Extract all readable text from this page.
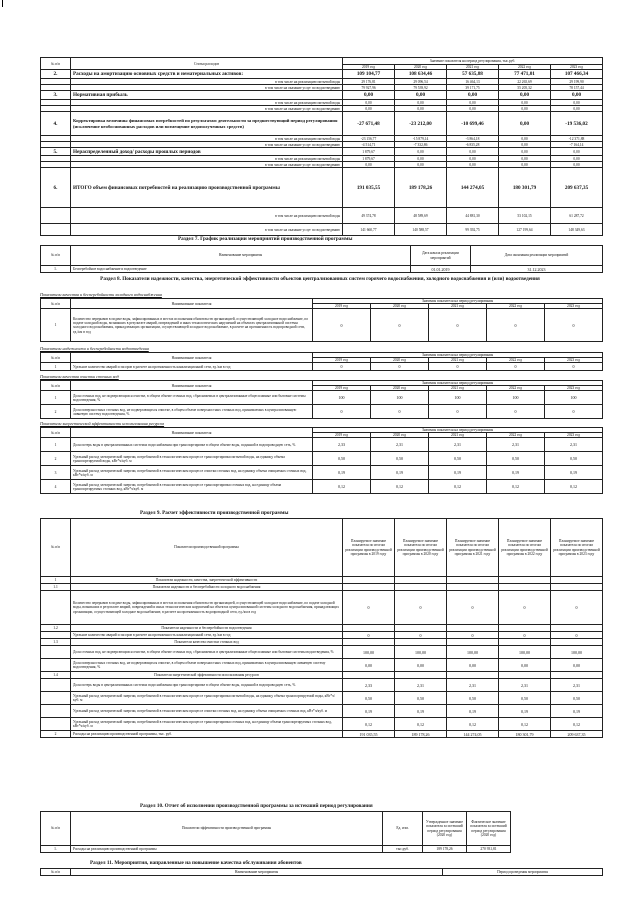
№ п/п	Статьи расходов	Значение показателя на период регулирования, тыс.руб.				
		2019 год	2020 год	2021 год	2022 год	2023 год
2.	Расходы на амортизацию основных средств и нематериальных активов:	109 104,77	108 634,46	57 635,88	77 471,01	107 466,34
	в том числе на реализацию питьевой воды	29 176,81	29 096,54	16 464,13	22 265,69	29 199,90
	в том числе на оказание услуг по водоотведению	79 927,96	79 539,92	39 171,75	55 205,32	78 157,44
3.	Нормативная прибыль	0,00	0,00	0,00	0,00	0,00
	в том числе на реализацию питьевой воды	0,00	0,00	0,00	0,00	0,00
	в том числе на оказание услуг по водоотведению	0,00	0,00	0,00	0,00	0,00
4.	Корректировка величины финансовых потребностей по результатам деятельности за предшествующий период регулирования (исключение необоснованных расходов или возмещение недополученных средств)	-27 671,48	-23 212,00	-10 699,46	0,00	-19 536,02
	в том числе на реализацию питьевой воды	-23 156,77	-15 879,14	-3 864,18	0,00	-12 371,88
	в том числе на оказание услуг по водоотведению	-4 514,71	-7 332,86	-6 835,28	0,00	-7 164,14
5.	Нераспределенный доход/ расходы прошлых периодов	1 879,67	0,00	0,00	0,00	0,00
	в том числе на реализацию питьевой воды	1 879,67	0,00	0,00	0,00	0,00
	в том числе на оказание услуг по водоотведению	0,00	0,00	0,00	0,00	0,00
6.	ИТОГО объем финансовых потребностей на реализацию производственной программы	191 035,55	189 178,26	144 274,05	180 301,79	209 637,35
	в том числе на реализацию питьевой воды	49 374,78	48 589,69	44 881,30	53 102,15	61 287,72
	в том числе на оказание услуг по водоотведению	141 660,77	140 588,57	99 392,75	127 199,64	148 349,63
Раздел 7. График реализации мероприятий производственной программы
№ п/п	Наименование мероприятия	Дата начала реализации мероприятий	Дата окончания реализации мероприятий
1.	Бесперебойное водоснабжение и водоотведение	01.01.2019	31.12.2023
Раздел 8. Показатели надежности, качества, энергетической эффективности объектов централизованных систем горячего водоснабжения, холодного водоснабжения и (или) водоотведения
Показатели качества и бесперебойности холодного водоснабжения
№ п/п	Наименование показателя	Значения показателя на период регулирования				
		2019 год	2020 год	2021 год	2022 год	2023 год
1	Количество перерывов в подаче воды, зафиксированных в местах исполнения обязательств организацией, осуществляющей холодное водоснабжение, по подаче холодной воды, возникших в результате аварий, повреждений и иных технологических нарушений на объектах централизованной системы холодного водоснабжения, принадлежащих организации, осуществляющей холодное водоснабжение, в расчете на протяженность водопроводной сети, ед./км в год	0	0	0	0	0
Показатели надежности и бесперебойности водоотведения
№ п/п	Наименование показателя	Значения показателя на период регулирования				
		2019 год	2020 год	2021 год	2022 год	2023 год
1	Удельное количество аварий и засоров в расчете на протяженность канализационной сети, ед./км в год	0	0	0	0	0
Показатели качества очистки сточных вод
№ п/п	Наименование показателя	Значения показателя на период регулирования				
		2019 год	2020 год	2021 год	2022 год	2023 год
1	Доля сточных вод, не подвергающихся очистке, в общем объеме сточных вод, сбрасываемых в централизованные общесплавные или бытовые системы водоотведения, %	100	100	100	100	100
2	Доля поверхностных сточных вод, не подвергающихся очистке, в общем объеме поверхностных сточных вод, принимаемых в централизованную ливневую систему водоотведения, %	0	0	0	0	0
Показатели энергетической эффективности использования ресурсов
№ п/п	Наименование показателя	Значения показателя на период регулирования				
		2019 год	2020 год	2021 год	2022 год	2023 год
1	Доля потерь воды в централизованных системах водоснабжения при транспортировке в общем объеме воды, поданной в водопроводную сеть, %	2,33	2,31	2,31	2,31	2,31
2	Удельный расход электрической энергии, потребляемой в технологическом процессе транспортировки питьевой воды, на единицу объема транспортируемой воды, кВт*ч/куб. м	0,50	0,50	0,50	0,50	0,50
3	Удельный расход электрической энергии, потребляемой в технологическом процессе очистки сточных вод, на единицу объема очищаемых сточных вод, кВт*ч/куб. м	0,19	0,19	0,19	0,19	0,19
4	Удельный расход электрической энергии, потребляемой в технологическом процессе транспортировки сточных вод, на единицу объема транспортируемых сточных вод, кВт*ч/куб. м	0,12	0,12	0,12	0,12	0,12
Раздел 9. Расчет эффективности производственной программы
№ п/п	Показатели производственной программы	Планируемое значение показателя по итогам реализации производственной программы в 2019 году	Планируемое значение показателя по итогам реализации производственной программы в 2020 году	Планируемое значение показателя по итогам реализации производственной программы в 2021 году	Планируемое значение показателя по итогам реализации производственной программы в 2022 году	Планируемое значение показателя по итогам реализации производственной программы в 2023 году
1	Показатели надежности, качества, энергетической эффективности					
1.1	Показатели надежности и бесперебойности холодного водоснабжения					
	Количество перерывов в подаче воды, зафиксированных в местах исполнения обязательств организацией, осуществляющей холодное водоснабжение, по подаче холодной воды, возникших в результате аварий, повреждений и иных технологических нарушений на объектах централизованной системы холодного водоснабжения, принадлежащих организации, осуществляющей холодное водоснабжение, в расчете на протяженность водопроводной сети, ед./км в год	0	0	0	0	0
1.2	Показатели надежности и бесперебойности водоотведения					
	Удельное количество аварий и засоров в расчете на протяженность канализационной сети, ед./км в год	0	0	0	0	0
1.3	Показатели качества очистки сточных вод					
	Доля сточных вод, не подвергающихся очистке, в общем объеме сточных вод, сбрасываемых в централизованные общесплавные или бытовые системы водоотведения, %	100,00	100,00	100,00	100,00	100,00
	Доля поверхностных сточных вод, не подвергающихся очистке, в общем объеме поверхностных сточных вод, принимаемых в централизованную ливневую систему водоотведения, %	0,00	0,00	0,00	0,00	0,00
1.4	Показатели энергетической эффективности использования ресурсов					
	Доля потерь воды в централизованных системах водоснабжения при транспортировке в общем объеме воды, поданной в водопроводную сеть, %	2,33	2,31	2,31	2,31	2,31
	Удельный расход электрической энергии, потребляемой в технологическом процессе транспортировки питьевой воды, на единицу объема транспортируемой воды, кВт*ч/куб. м	0,50	0,50	0,50	0,50	0,50
	Удельный расход электрической энергии, потребляемой в технологическом процессе очистки сточных вод, на единицу объема очищаемых сточных вод, кВт*ч/куб. м	0,19	0,19	0,19	0,19	0,19
	Удельный расход электрической энергии, потребляемой в технологическом процессе транспортировки сточных вод, на единицу объема транспортируемых сточных вод, кВт*ч/куб. м	0,12	0,12	0,12	0,12	0,12
2	Расходы на реализацию производственной программы, тыс. руб.	191 035,55	189 178,26	144 274,05	180 301,79	209 637,35
Раздел 10. Отчет об исполнении производственной программы за истекший период регулирования
№ п/п	Показатели эффективности производственной программы	Ед. изм.	Утвержденное значение показателя за истекший период регулирования (2020 год)	Фактическое значение показателя за истекший период регулирования (2020 год)	
1.	Расходы на реализацию производственной программы	тыс.руб.	189 178,26	270 931,81	
Раздел 11. Мероприятия, направленные на повышение качества обслуживания абонентов
№ п/п	Наименование мероприятия	Период проведения мероприятия
